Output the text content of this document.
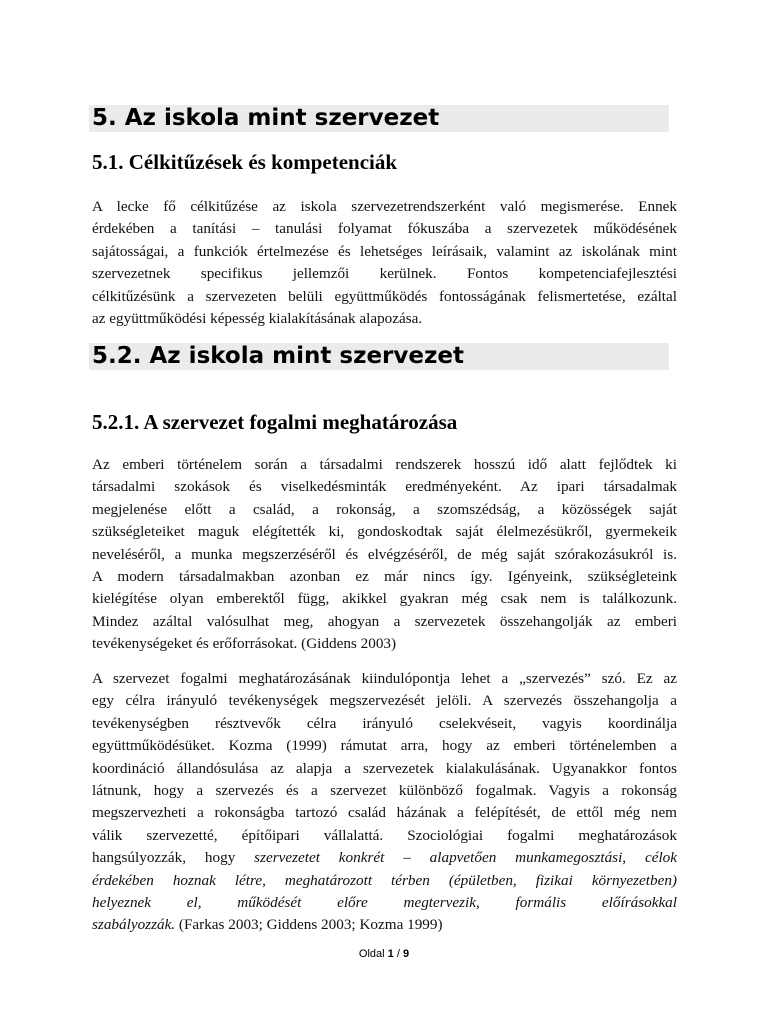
5. Az iskola mint szervezet
5.1. Célkitűzések és kompetenciák
A lecke fő célkitűzése az iskola szervezetrendszerként való megismerése. Ennek
érdekében a tanítási – tanulási folyamat fókuszába a szervezetek működésének
sajátosságai, a funkciók értelmezése és lehetséges leírásaik, valamint az iskolának mint
szervezetnek specifikus jellemzői kerülnek. Fontos kompetenciafejlesztési
célkitűzésünk a szervezeten belüli együttműködés fontosságának felismertetése, ezáltal
az együttműködési képesség kialakításának alapozása.
5.2. Az iskola mint szervezet
5.2.1. A szervezet fogalmi meghatározása
Az emberi történelem során a társadalmi rendszerek hosszú idő alatt fejlődtek ki
társadalmi szokások és viselkedésminták eredményeként. Az ipari társadalmak
megjelenése előtt a család, a rokonság, a szomszédság, a közösségek saját
szükségleteiket maguk elégítették ki, gondoskodtak saját élelmezésükről, gyermekeik
neveléséről, a munka megszerzéséről és elvégzéséről, de még saját szórakozásukról is.
A modern társadalmakban azonban ez már nincs így. Igényeink, szükségleteink
kielégítése olyan emberektől függ, akikkel gyakran még csak nem is találkozunk.
Mindez azáltal valósulhat meg, ahogyan a szervezetek összehangolják az emberi
tevékenységeket és erőforrásokat. (Giddens 2003)
A szervezet fogalmi meghatározásának kiindulópontja lehet a „szervezés” szó. Ez az
egy célra irányuló tevékenységek megszervezését jelöli. A szervezés összehangolja a
tevékenységben résztvevők célra irányuló cselekvéseit, vagyis koordinálja
együttműködésüket. Kozma (1999) rámutat arra, hogy az emberi történelemben a
koordináció állandósulása az alapja a szervezetek kialakulásának. Ugyanakkor fontos
látnunk, hogy a szervezés és a szervezet különböző fogalmak. Vagyis a rokonság
megszervezheti a rokonságba tartozó család házának a felépítését, de ettől még nem
válik szervezetté, építőipari vállalattá. Szociológiai fogalmi meghatározások
hangsúlyozzák, hogy szervezetet konkrét – alapvetően munkamegosztási, célok
érdekében hoznak létre, meghatározott térben (épületben, fizikai környezetben)
helyeznek el, működését előre megtervezik, formális előírásokkal
szabályozzák. (Farkas 2003; Giddens 2003; Kozma 1999)
Oldal 1 / 9
